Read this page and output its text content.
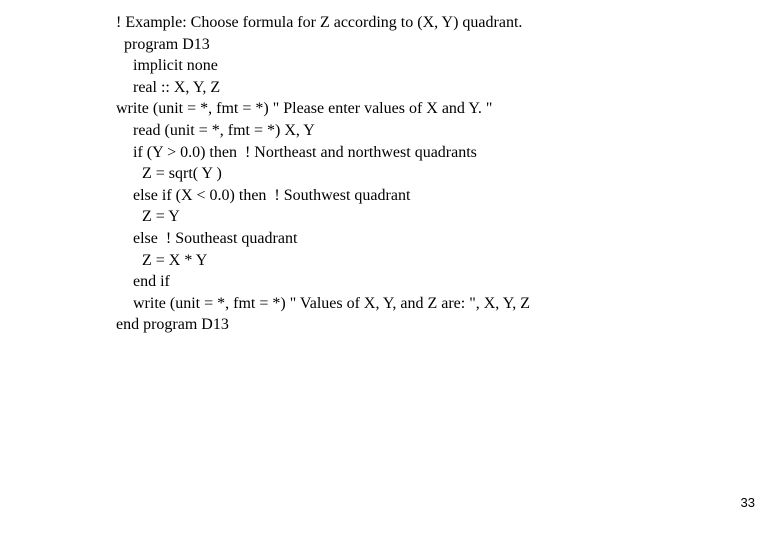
! Example: Choose formula for Z according to (X, Y) quadrant.
program D13
implicit none
real :: X, Y, Z
write (unit = *, fmt = *) " Please enter values of X and Y. "
read (unit = *, fmt = *) X, Y
if (Y > 0.0) then  ! Northeast and northwest quadrants
Z = sqrt( Y )
else if (X < 0.0) then  ! Southwest quadrant
Z = Y
else  ! Southeast quadrant
Z = X * Y
end if
write (unit = *, fmt = *) " Values of X, Y, and Z are: ", X, Y, Z
end program D13
33
